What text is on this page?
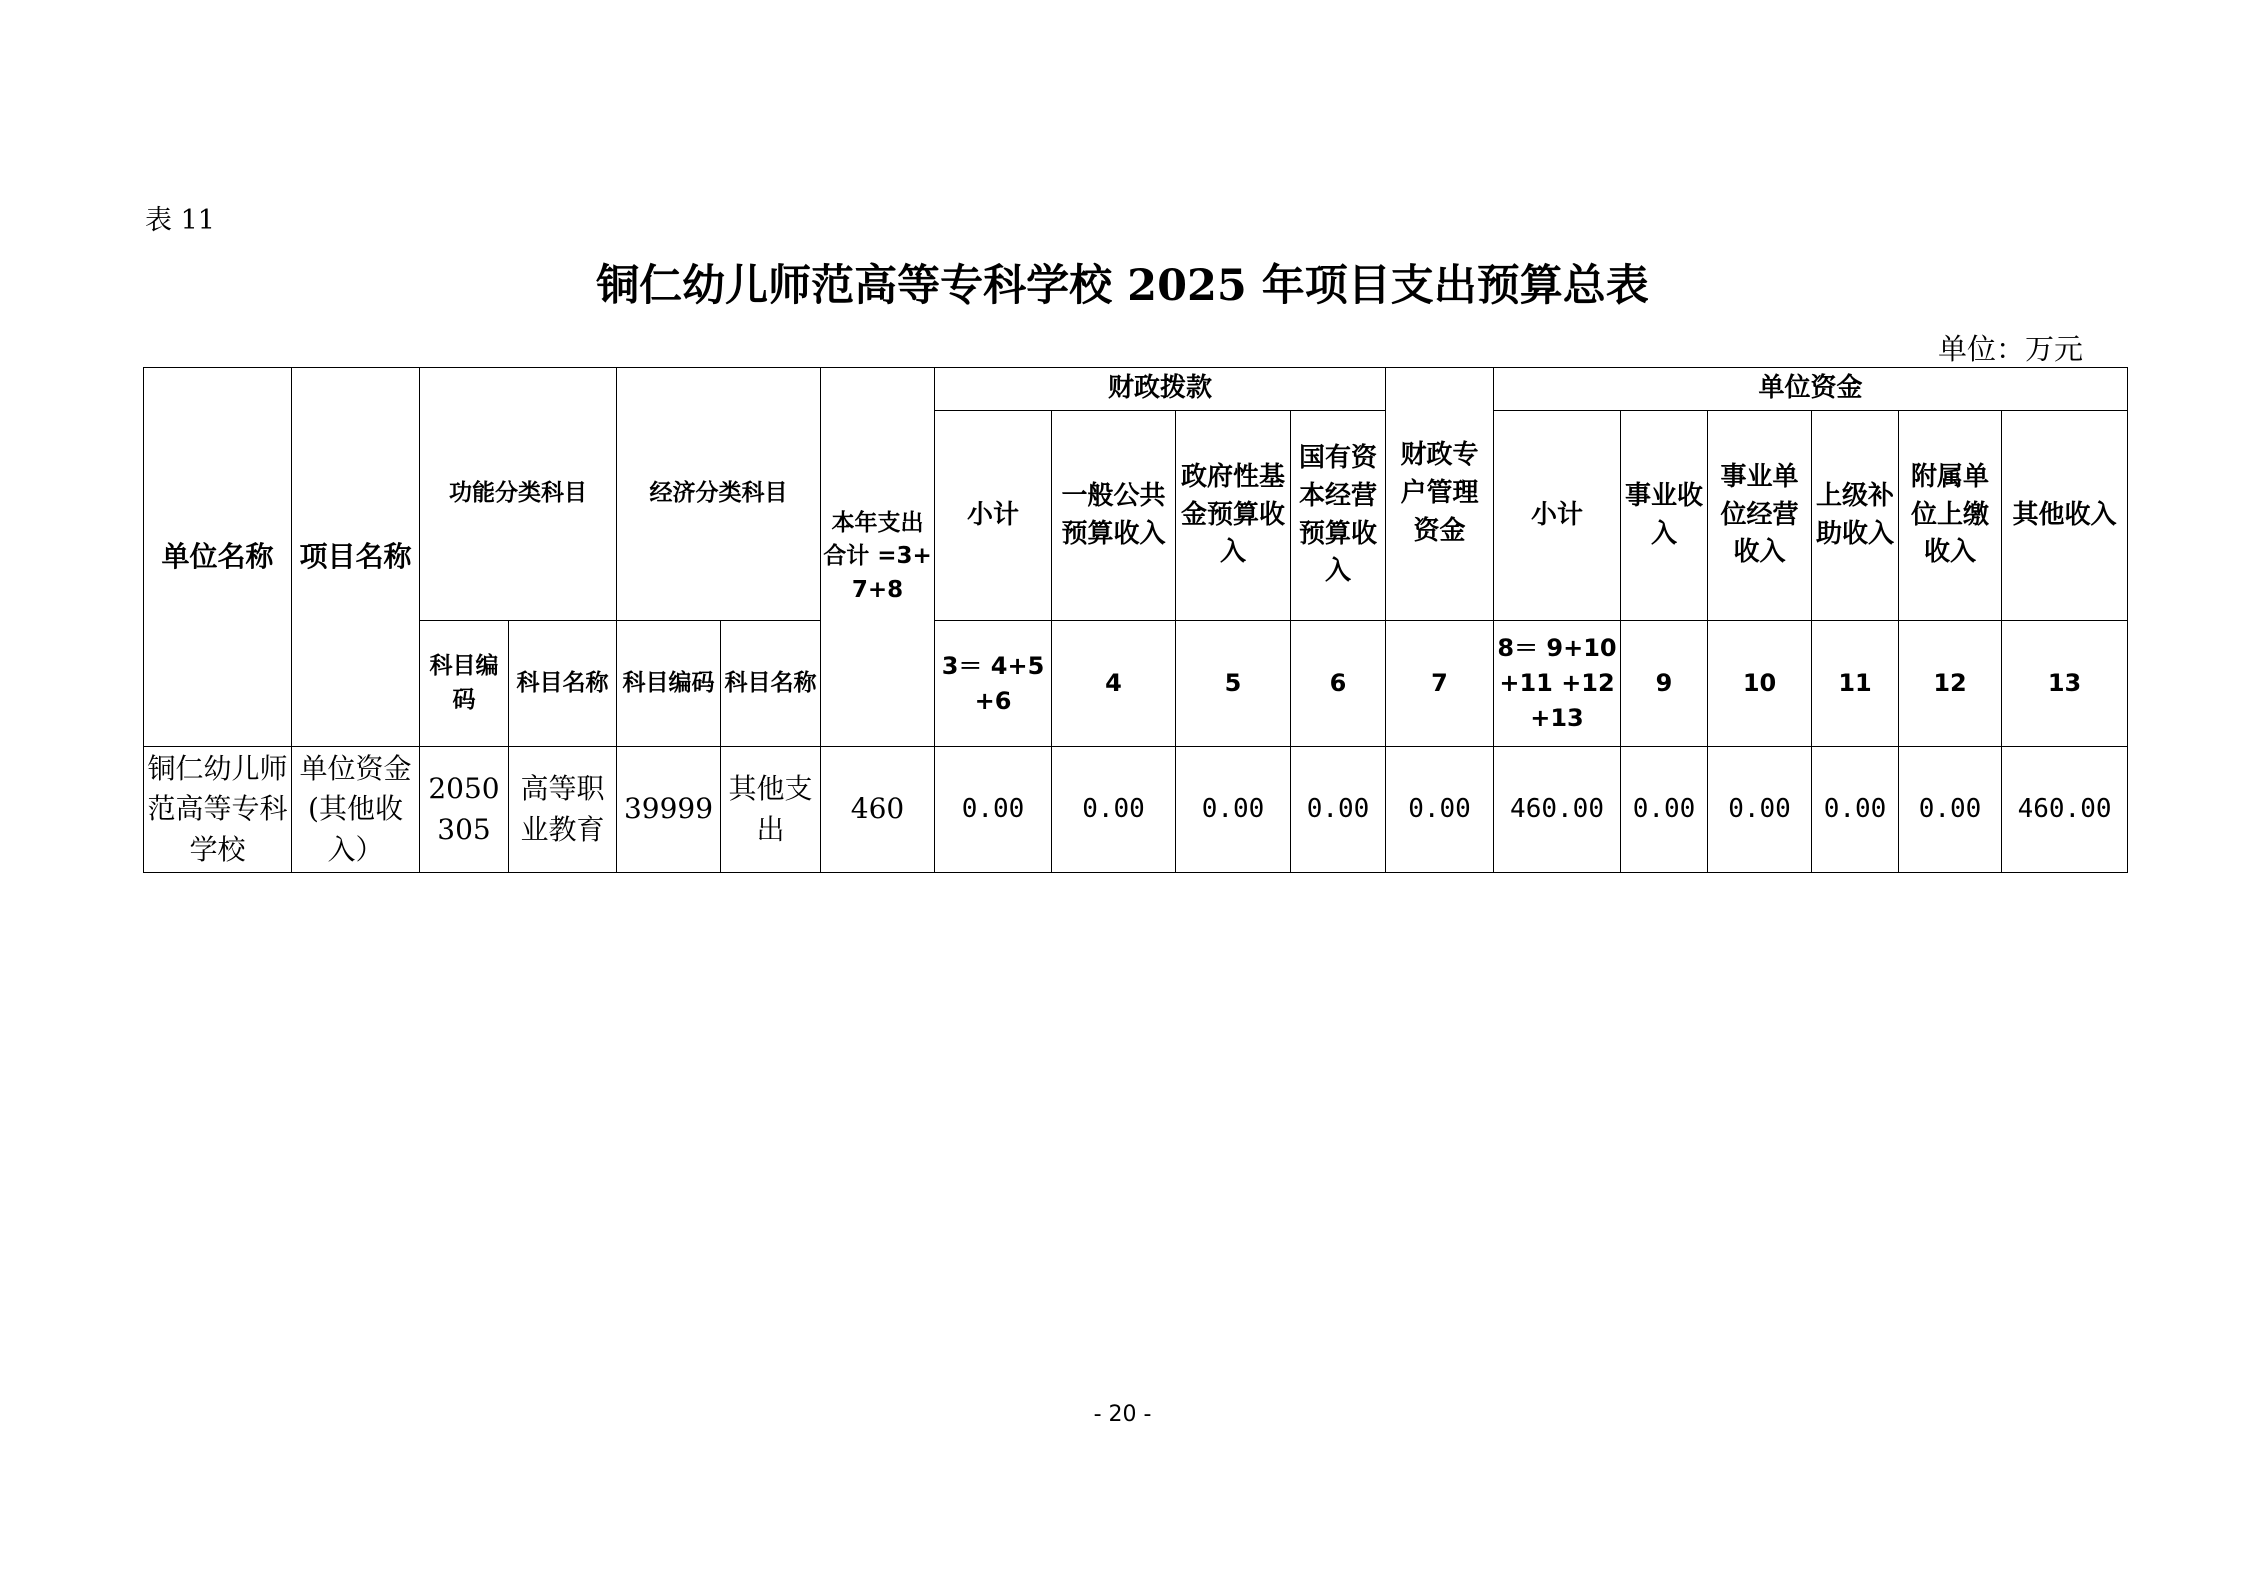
表 11
铜仁幼儿师范高等专科学校 2025 年项目支出预算总表
单位：万元
单位名称	项目名称	功能分类科目		经济分类科目		本年支出合计 =3+7+8	财政拨款				财政专户管理资金	单位资金					
							小计	一般公共预算收入	政府性基金预算收入	国有资本经营预算收入		小计	事业收入	事业单位经营收入	上级补助收入	附属单位上缴收入	其他收入
		科目编码	科目名称	科目编码	科目名称		3＝ 4+5+6	4	5	6	7	8＝ 9+10+11 +12+13	9	10	11	12	13
铜仁幼儿师范高等专科学校	单位资金(其他收入）	2050305	高等职业教育	39999	其他支出	460	0.00	0.00	0.00	0.00	0.00	460.00	0.00	0.00	0.00	0.00	460.00
- 20 -
